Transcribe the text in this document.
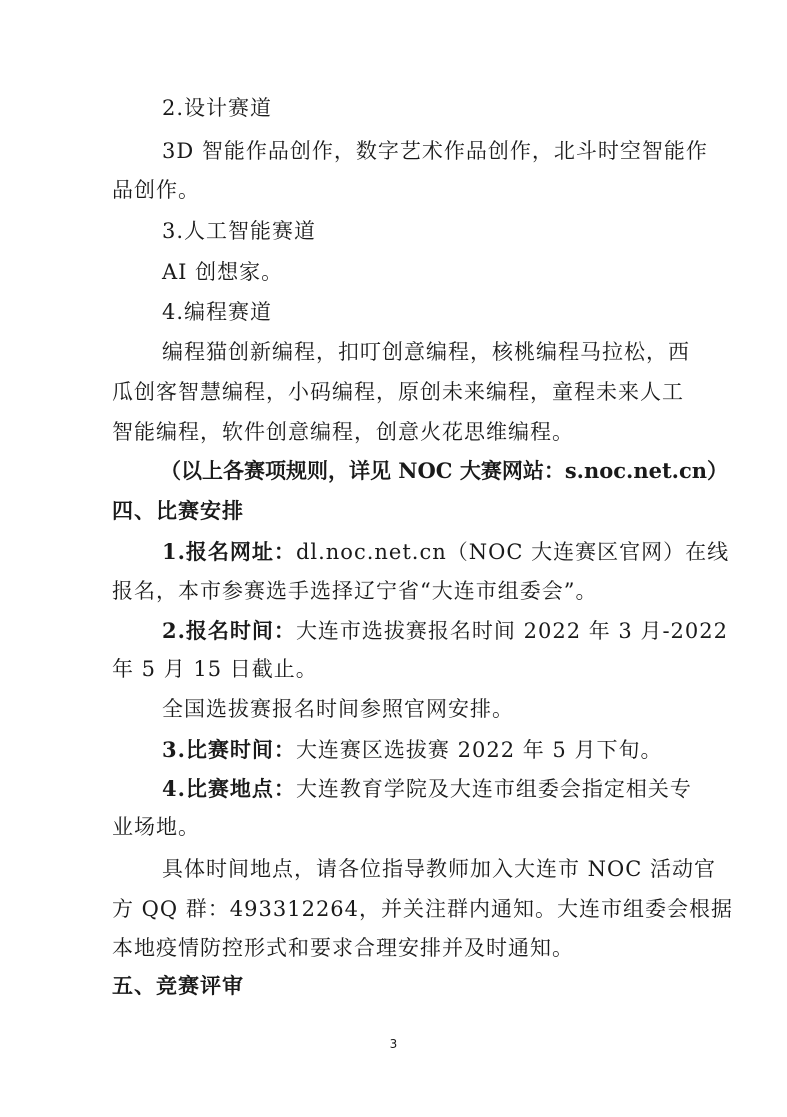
2.设计赛道
3D 智能作品创作，数字艺术作品创作，北斗时空智能作
品创作。
3.人工智能赛道
AI 创想家。
4.编程赛道
编程猫创新编程，扣叮创意编程，核桃编程马拉松，西
瓜创客智慧编程，小码编程，原创未来编程，童程未来人工
智能编程，软件创意编程，创意火花思维编程。
（以上各赛项规则，详见 NOC 大赛网站：s.noc.net.cn）
四、比赛安排
1.报名网址：dl.noc.net.cn（NOC 大连赛区官网）在线
报名，本市参赛选手选择辽宁省“大连市组委会”。
2.报名时间：大连市选拔赛报名时间 2022 年 3 月-2022
年 5 月 15 日截止。
全国选拔赛报名时间参照官网安排。
3.比赛时间：大连赛区选拔赛 2022 年 5 月下旬。
4.比赛地点：大连教育学院及大连市组委会指定相关专
业场地。
具体时间地点，请各位指导教师加入大连市 NOC 活动官
方 QQ 群：493312264，并关注群内通知。大连市组委会根据
本地疫情防控形式和要求合理安排并及时通知。
五、竞赛评审
3
